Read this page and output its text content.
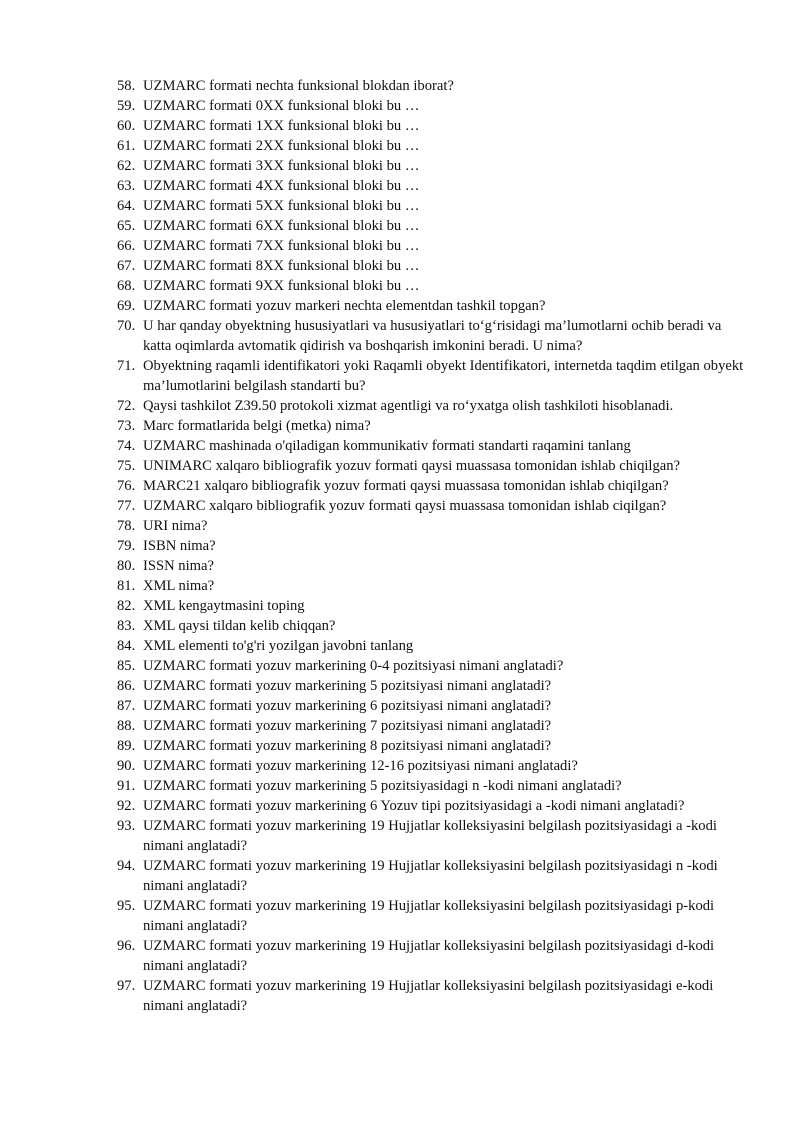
58. UZMARC formati nechta funksional blokdan iborat?
59. UZMARC formati 0XX funksional bloki bu …
60. UZMARC formati 1XX funksional bloki bu …
61. UZMARC formati 2XX funksional bloki bu …
62. UZMARC formati 3XX funksional bloki bu …
63. UZMARC formati 4XX funksional bloki bu …
64. UZMARC formati 5XX funksional bloki bu …
65. UZMARC formati 6XX funksional bloki bu …
66. UZMARC formati 7XX funksional bloki bu …
67. UZMARC formati 8XX funksional bloki bu …
68. UZMARC formati 9XX funksional bloki bu …
69. UZMARC formati yozuv markeri nechta elementdan tashkil topgan?
70. U har qanday obyektning hususiyatlari va hususiyatlari to‘g‘risidagi ma’lumotlarni ochib beradi va katta oqimlarda avtomatik qidirish va boshqarish imkonini beradi. U nima?
71. Obyektning raqamli identifikatori yoki Raqamli obyekt Identifikatori, internetda taqdim etilgan obyekt ma’lumotlarini belgilash standarti bu?
72. Qaysi tashkilot Z39.50 protokoli xizmat agentligi va ro‘yxatga olish tashkiloti hisoblanadi.
73. Marc formatlarida belgi (metka) nima?
74. UZMARC mashinada o'qiladigan kommunikativ formati standarti raqamini tanlang
75. UNIMARC xalqaro bibliografik yozuv formati qaysi muassasa tomonidan ishlab chiqilgan?
76. MARC21 xalqaro bibliografik yozuv formati qaysi muassasa tomonidan ishlab chiqilgan?
77. UZMARC xalqaro bibliografik yozuv formati qaysi muassasa tomonidan ishlab ciqilgan?
78. URI nima?
79. ISBN nima?
80. ISSN nima?
81. XML nima?
82. XML kengaytmasini toping
83. XML qaysi tildan kelib chiqqan?
84. XML elementi to'g'ri yozilgan javobni tanlang
85. UZMARC formati yozuv markerining 0-4 pozitsiyasi nimani anglatadi?
86. UZMARC formati yozuv markerining 5 pozitsiyasi nimani anglatadi?
87. UZMARC formati yozuv markerining 6 pozitsiyasi nimani anglatadi?
88. UZMARC formati yozuv markerining 7 pozitsiyasi nimani anglatadi?
89. UZMARC formati yozuv markerining 8 pozitsiyasi nimani anglatadi?
90. UZMARC formati yozuv markerining 12-16 pozitsiyasi nimani anglatadi?
91. UZMARC formati yozuv markerining 5 pozitsiyasidagi n -kodi nimani anglatadi?
92. UZMARC formati yozuv markerining 6 Yozuv tipi pozitsiyasidagi a -kodi nimani anglatadi?
93. UZMARC formati yozuv markerining 19 Hujjatlar kolleksiyasini belgilash pozitsiyasidagi a -kodi nimani anglatadi?
94. UZMARC formati yozuv markerining 19 Hujjatlar kolleksiyasini belgilash pozitsiyasidagi n -kodi nimani anglatadi?
95. UZMARC formati yozuv markerining 19 Hujjatlar kolleksiyasini belgilash pozitsiyasidagi p-kodi nimani anglatadi?
96. UZMARC formati yozuv markerining 19 Hujjatlar kolleksiyasini belgilash pozitsiyasidagi d-kodi nimani anglatadi?
97. UZMARC formati yozuv markerining 19 Hujjatlar kolleksiyasini belgilash pozitsiyasidagi e-kodi nimani anglatadi?
